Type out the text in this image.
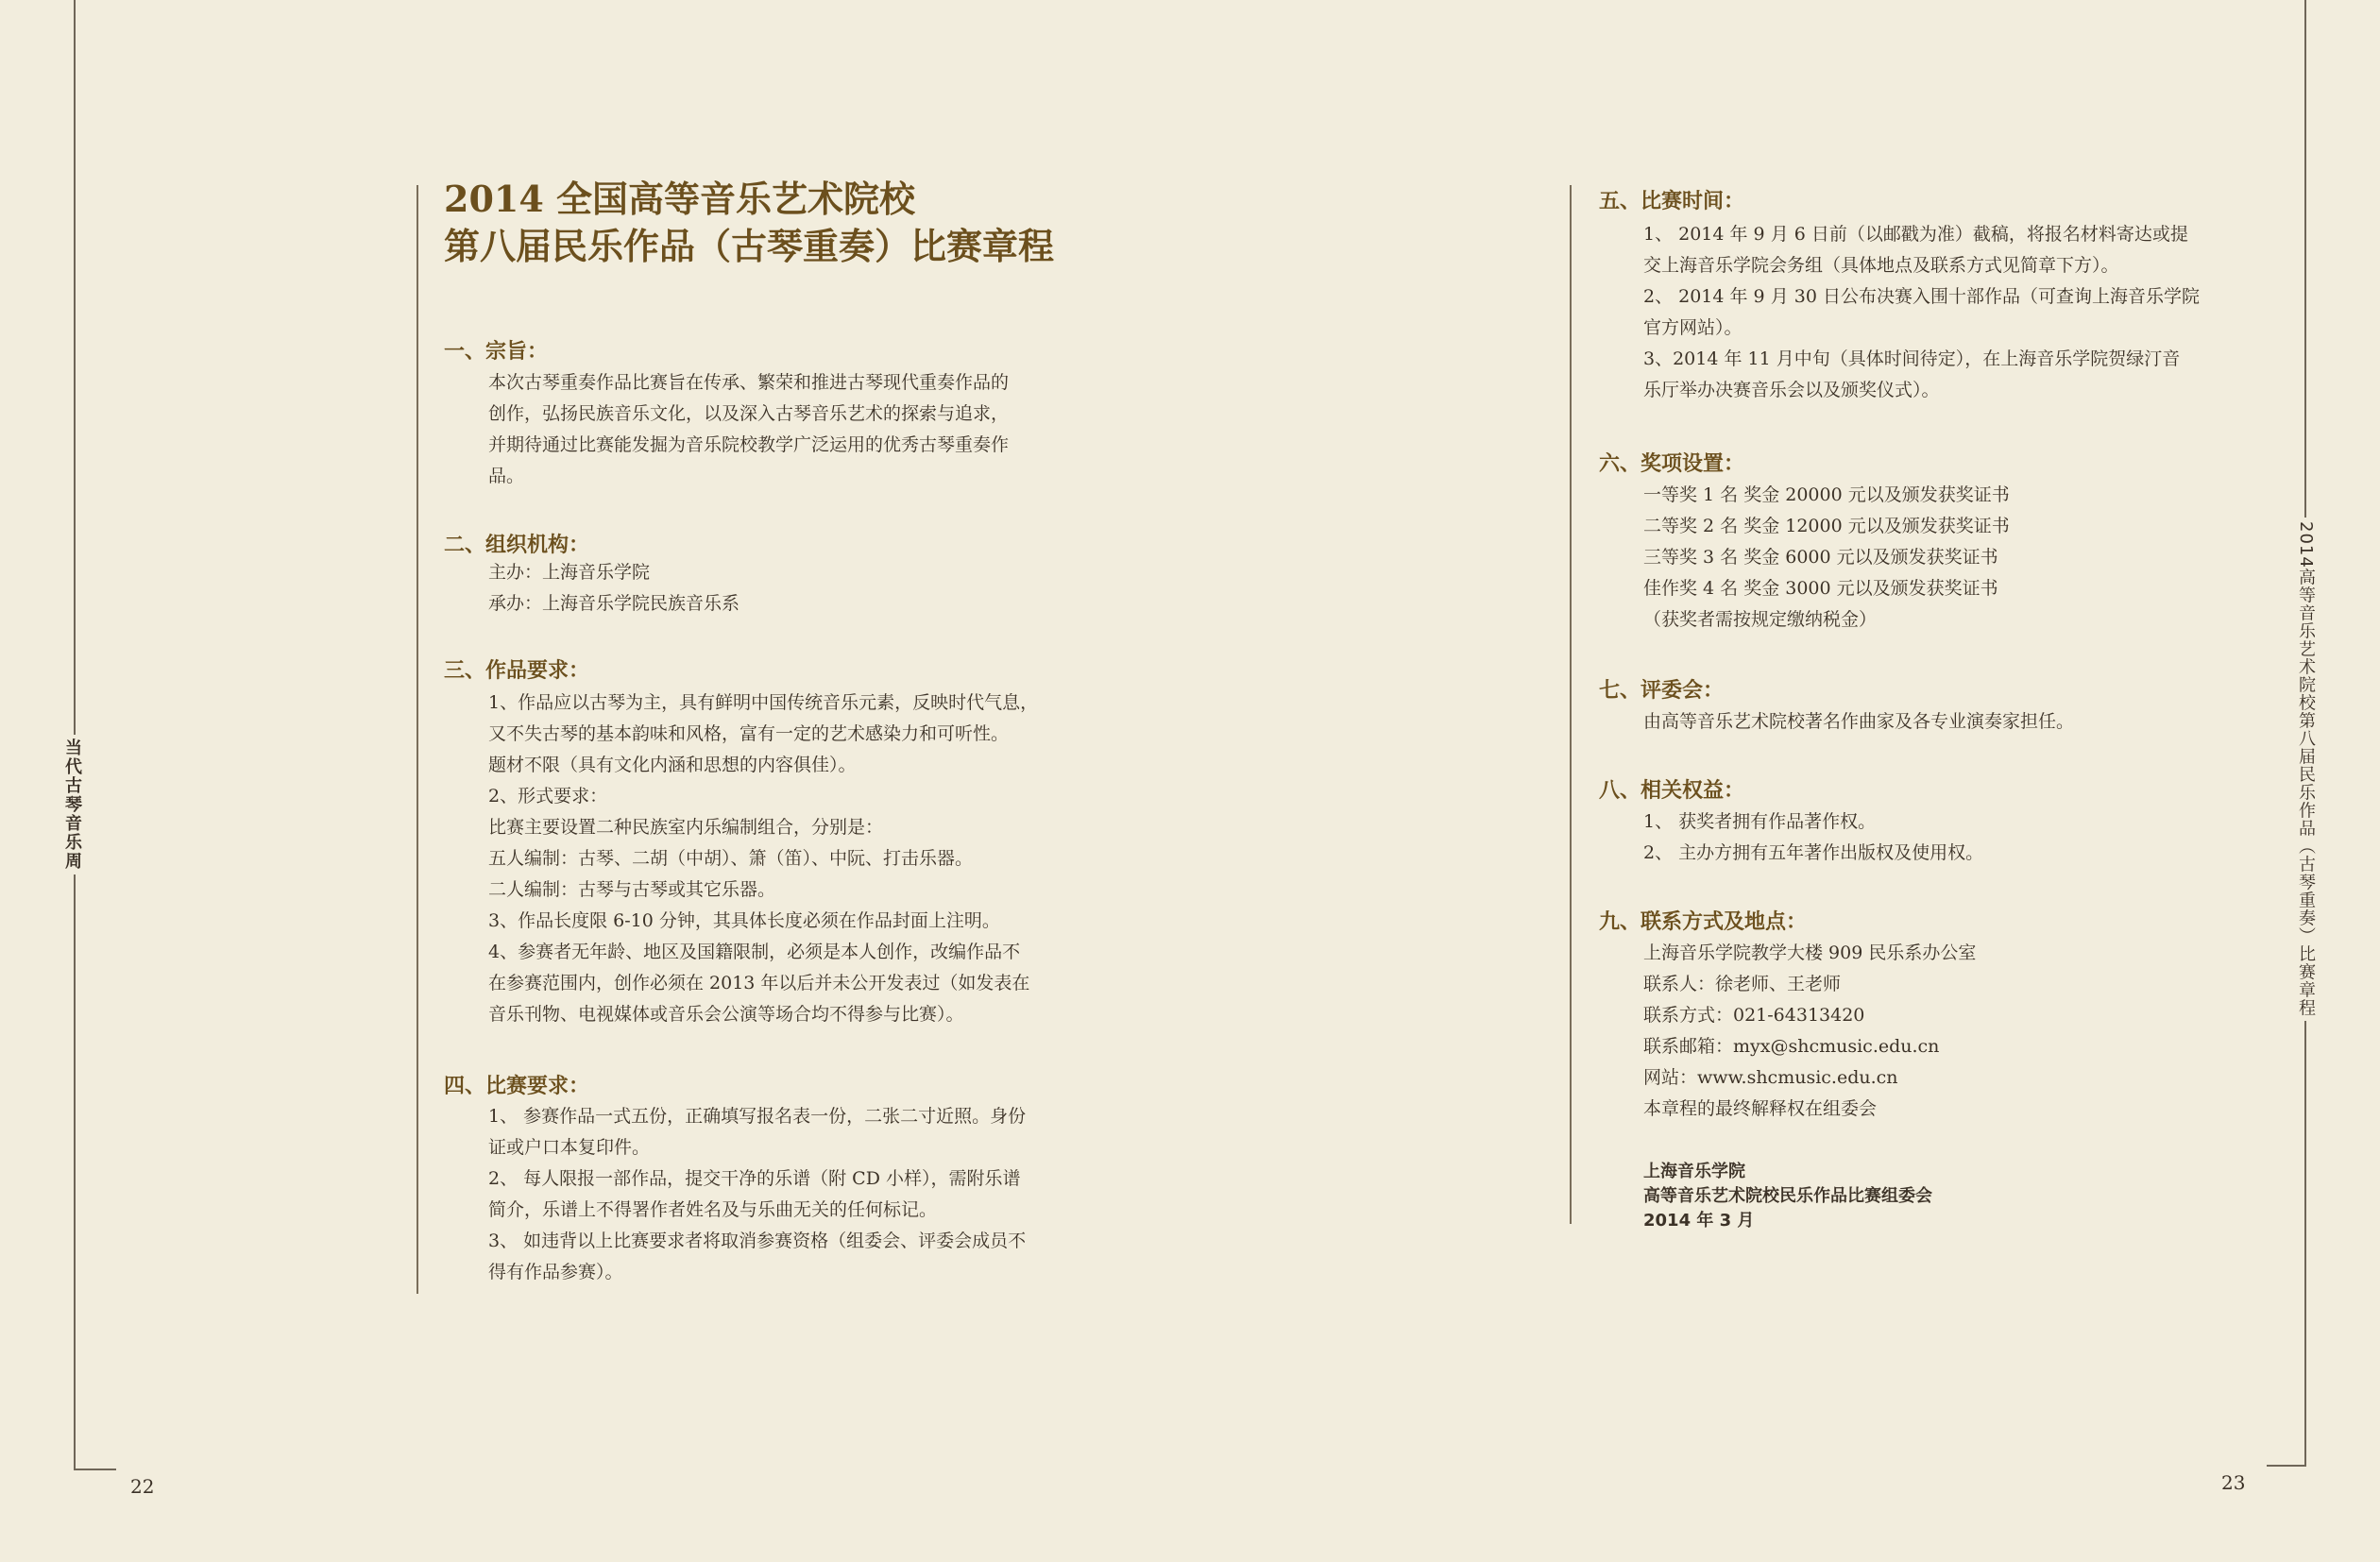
当代古琴音乐周	2014高等音乐艺术院校第八届民乐作品（古琴重奏）比赛章程
22	23
2014 全国高等音乐艺术院校
第八届民乐作品（古琴重奏）比赛章程
一、宗旨：
本次古琴重奏作品比赛旨在传承、繁荣和推进古琴现代重奏作品的
创作，弘扬民族音乐文化，以及深入古琴音乐艺术的探索与追求，
并期待通过比赛能发掘为音乐院校教学广泛运用的优秀古琴重奏作
品。
二、组织机构：
主办：上海音乐学院
承办：上海音乐学院民族音乐系
三、作品要求：
1、作品应以古琴为主，具有鲜明中国传统音乐元素，反映时代气息，
又不失古琴的基本韵味和风格，富有一定的艺术感染力和可听性。
题材不限（具有文化内涵和思想的内容俱佳）。
2、形式要求：
比赛主要设置二种民族室内乐编制组合，分别是：
五人编制：古琴、二胡（中胡）、箫（笛）、中阮、打击乐器。
二人编制：古琴与古琴或其它乐器。
3、作品长度限 6-10 分钟，其具体长度必须在作品封面上注明。
4、参赛者无年龄、地区及国籍限制，必须是本人创作，改编作品不
在参赛范围内，创作必须在 2013 年以后并未公开发表过（如发表在
音乐刊物、电视媒体或音乐会公演等场合均不得参与比赛）。
四、比赛要求：
1、 参赛作品一式五份，正确填写报名表一份，二张二寸近照。身份
证或户口本复印件。
2、 每人限报一部作品，提交干净的乐谱（附 CD 小样），需附乐谱
简介，乐谱上不得署作者姓名及与乐曲无关的任何标记。
3、 如违背以上比赛要求者将取消参赛资格（组委会、评委会成员不
得有作品参赛）。
五、比赛时间：
1、 2014 年 9 月 6 日前（以邮戳为准）截稿，将报名材料寄达或提
交上海音乐学院会务组（具体地点及联系方式见简章下方）。
2、 2014 年 9 月 30 日公布决赛入围十部作品（可查询上海音乐学院
官方网站）。
3、2014 年 11 月中旬（具体时间待定），在上海音乐学院贺绿汀音
乐厅举办决赛音乐会以及颁奖仪式）。
六、奖项设置：
一等奖 1 名 奖金 20000 元以及颁发获奖证书
二等奖 2 名 奖金 12000 元以及颁发获奖证书
三等奖 3 名 奖金 6000 元以及颁发获奖证书
佳作奖 4 名 奖金 3000 元以及颁发获奖证书
（获奖者需按规定缴纳税金）
七、评委会：
由高等音乐艺术院校著名作曲家及各专业演奏家担任。
八、相关权益：
1、 获奖者拥有作品著作权。
2、 主办方拥有五年著作出版权及使用权。
九、联系方式及地点：
上海音乐学院教学大楼 909 民乐系办公室
联系人：徐老师、王老师
联系方式：021-64313420
联系邮箱：myx@shcmusic.edu.cn
网站：www.shcmusic.edu.cn
本章程的最终解释权在组委会
上海音乐学院
高等音乐艺术院校民乐作品比赛组委会
2014 年 3 月
